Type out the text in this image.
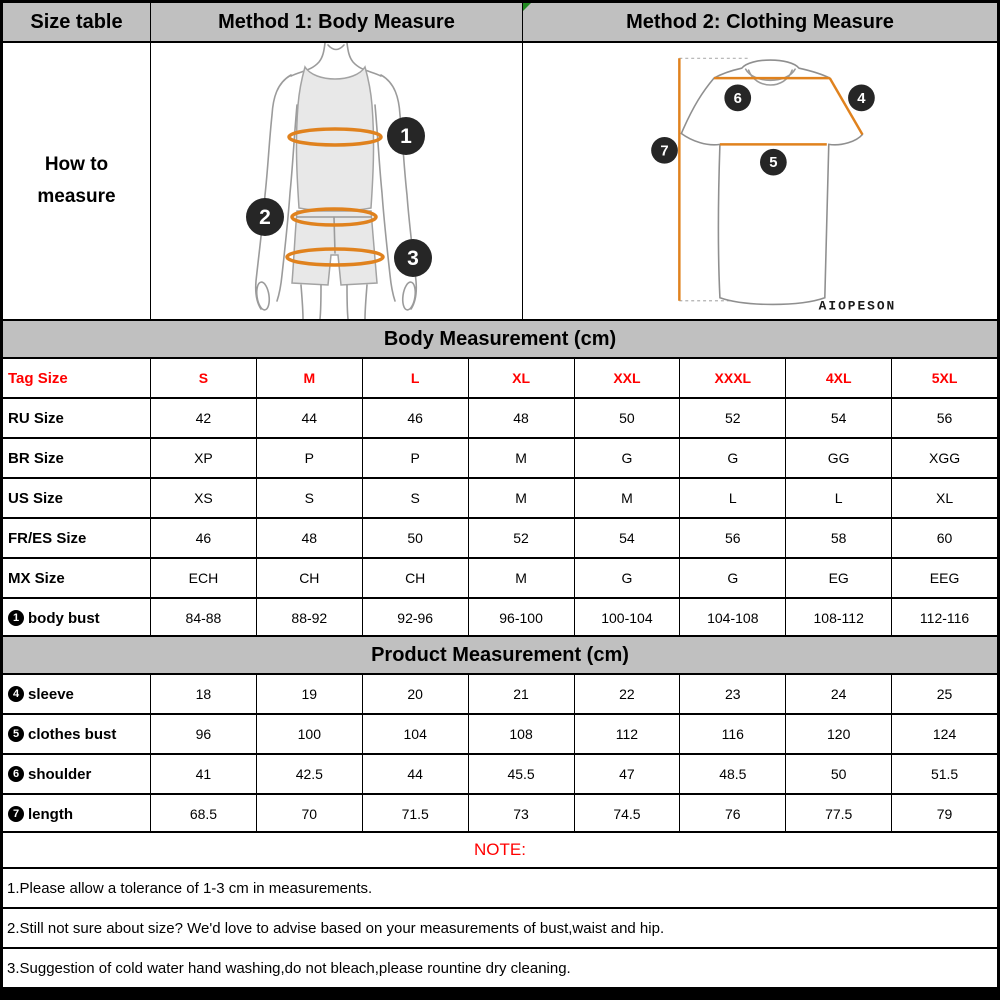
Size table	Method 1: Body Measure	Method 2: Clothing Measure
How to
measure
1
2
3
6	4
7
5
AIOPESON
Body Measurement (cm)
Tag Size	S	M	L	XL	XXL	XXXL	4XL	5XL
RU Size	42	44	46	48	50	52	54	56
BR Size	XP	P	P	M	G	G	GG	XGG
US Size	XS	S	S	M	M	L	L	XL
FR/ES Size	46	48	50	52	54	56	58	60
MX Size	ECH	CH	CH	M	G	G	EG	EEG
1 body bust	84-88	88-92	92-96	96-100	100-104	104-108	108-112	112-116
Product Measurement (cm)
4 sleeve	18	19	20	21	22	23	24	25
5 clothes bust	96	100	104	108	112	116	120	124
6 shoulder	41	42.5	44	45.5	47	48.5	50	51.5
7 length	68.5	70	71.5	73	74.5	76	77.5	79
NOTE:
1.Please allow a tolerance of 1-3 cm in measurements.
2.Still not sure about size? We'd love to advise based on your measurements of bust,waist and hip.
3.Suggestion of cold water hand washing,do not bleach,please rountine dry cleaning.
